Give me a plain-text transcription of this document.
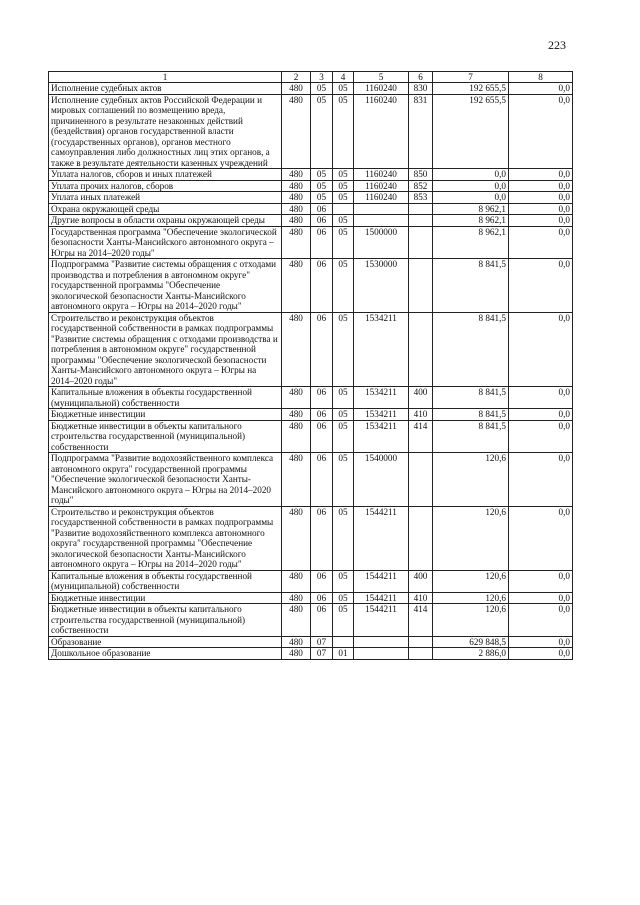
223
1	2	3	4	5	6	7	8
Исполнение судебных актов	480	05	05	1160240	830	192 655,5	0,0
Исполнение судебных актов Российской Федерации и мировых соглашений по возмещению вреда, причиненного в результате незаконных действий (бездействия) органов государственной власти (государственных органов), органов местного самоуправления либо должностных лиц этих органов, а также в результате деятельности казенных учреждений	480	05	05	1160240	831	192 655,5	0,0
Уплата налогов, сборов и иных платежей	480	05	05	1160240	850	0,0	0,0
Уплата прочих налогов, сборов	480	05	05	1160240	852	0,0	0,0
Уплата иных платежей	480	05	05	1160240	853	0,0	0,0
Охрана окружающей среды	480	06				8 962,1	0,0
Другие вопросы в области охраны окружающей среды	480	06	05			8 962,1	0,0
Государственная программа "Обеспечение экологической безопасности Ханты-Мансийского автономного округа – Югры на 2014–2020 годы"	480	06	05	1500000		8 962,1	0,0
Подпрограмма "Развитие системы обращения с отходами производства и потребления в автономном округе" государственной программы "Обеспечение экологической безопасности Ханты-Мансийского автономного округа – Югры на 2014–2020 годы"	480	06	05	1530000		8 841,5	0,0
Строительство и реконструкция объектов государственной собственности в рамках подпрограммы "Развитие системы обращения с отходами производства и потребления в автономном округе" государственной программы "Обеспечение экологической безопасности Ханты-Мансийского автономного округа – Югры на 2014–2020 годы"	480	06	05	1534211		8 841,5	0,0
Капитальные вложения в объекты государственной (муниципальной) собственности	480	06	05	1534211	400	8 841,5	0,0
Бюджетные инвестиции	480	06	05	1534211	410	8 841,5	0,0
Бюджетные инвестиции в объекты капитального строительства государственной (муниципальной) собственности	480	06	05	1534211	414	8 841,5	0,0
Подпрограмма "Развитие водохозяйственного комплекса автономного округа" государственной программы "Обеспечение экологической безопасности Ханты-Мансийского автономного округа – Югры на 2014–2020 годы"	480	06	05	1540000		120,6	0,0
Строительство и реконструкция объектов государственной собственности в рамках подпрограммы "Развитие водохозяйственного комплекса автономного округа" государственной программы "Обеспечение экологической безопасности Ханты-Мансийского автономного округа – Югры на 2014–2020 годы"	480	06	05	1544211		120,6	0,0
Капитальные вложения в объекты государственной (муниципальной) собственности	480	06	05	1544211	400	120,6	0,0
Бюджетные инвестиции	480	06	05	1544211	410	120,6	0,0
Бюджетные инвестиции в объекты капитального строительства государственной (муниципальной) собственности	480	06	05	1544211	414	120,6	0,0
Образование	480	07				629 848,5	0,0
Дошкольное образование	480	07	01			2 886,0	0,0
